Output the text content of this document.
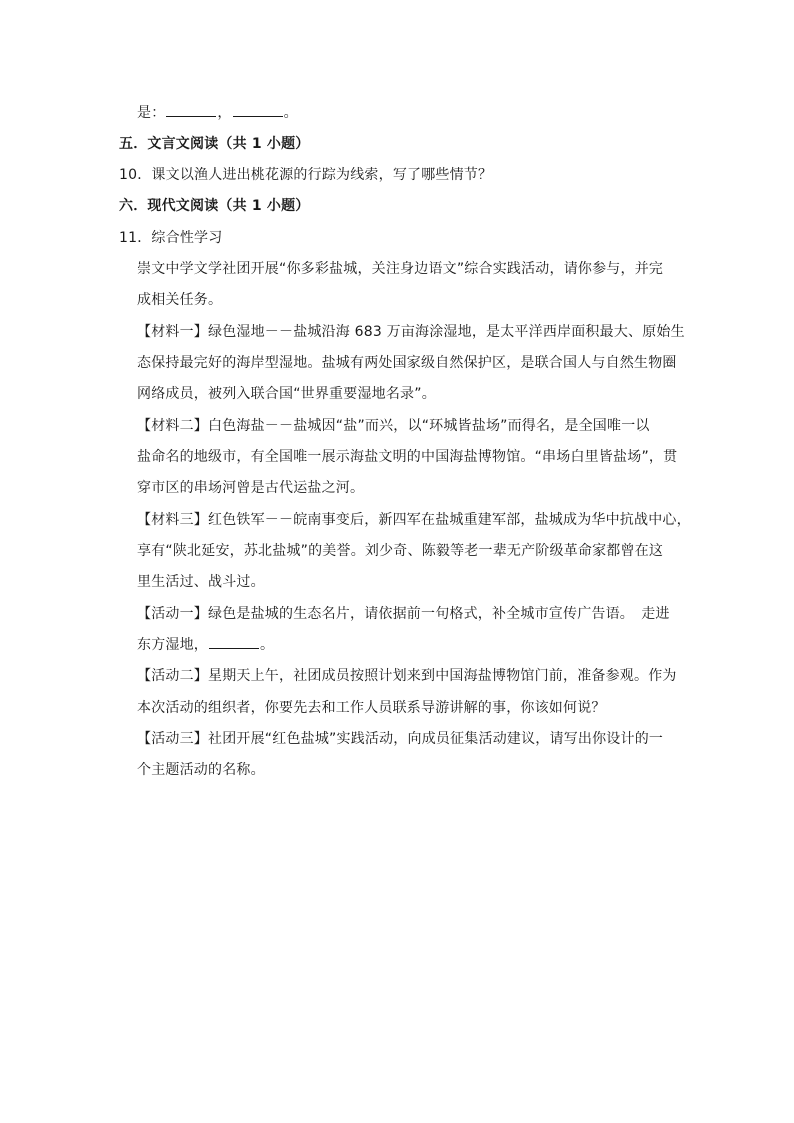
是：	，	。
五．文言文阅读（共 1 小题）
10．课文以渔人进出桃花源的行踪为线索，写了哪些情节？
六．现代文阅读（共 1 小题）
11．综合性学习
崇文中学文学社团开展“你多彩盐城，关注身边语文”综合实践活动，请你参与，并完
成相关任务。
【材料一】绿色湿地－－盐城沿海 683 万亩海涂湿地，是太平洋西岸面积最大、原始生
态保持最完好的海岸型湿地。盐城有两处国家级自然保护区，是联合国人与自然生物圈
网络成员，被列入联合国“世界重要湿地名录”。
【材料二】白色海盐－－盐城因“盐”而兴，以“环城皆盐场”而得名，是全国唯一以
盐命名的地级市，有全国唯一展示海盐文明的中国海盐博物馆。“串场白里皆盐场”，贯
穿市区的串场河曾是古代运盐之河。
【材料三】红色铁军－－皖南事变后，新四军在盐城重建军部，盐城成为华中抗战中心，
享有“陕北延安，苏北盐城”的美誉。刘少奇、陈毅等老一辈无产阶级革命家都曾在这
里生活过、战斗过。
【活动一】绿色是盐城的生态名片，请依据前一句格式，补全城市宣传广告语。　走进
东方湿地，	。
【活动二】星期天上午，社团成员按照计划来到中国海盐博物馆门前，准备参观。作为
本次活动的组织者，你要先去和工作人员联系导游讲解的事，你该如何说？
【活动三】社团开展“红色盐城”实践活动，向成员征集活动建议，请写出你设计的一
个主题活动的名称。
